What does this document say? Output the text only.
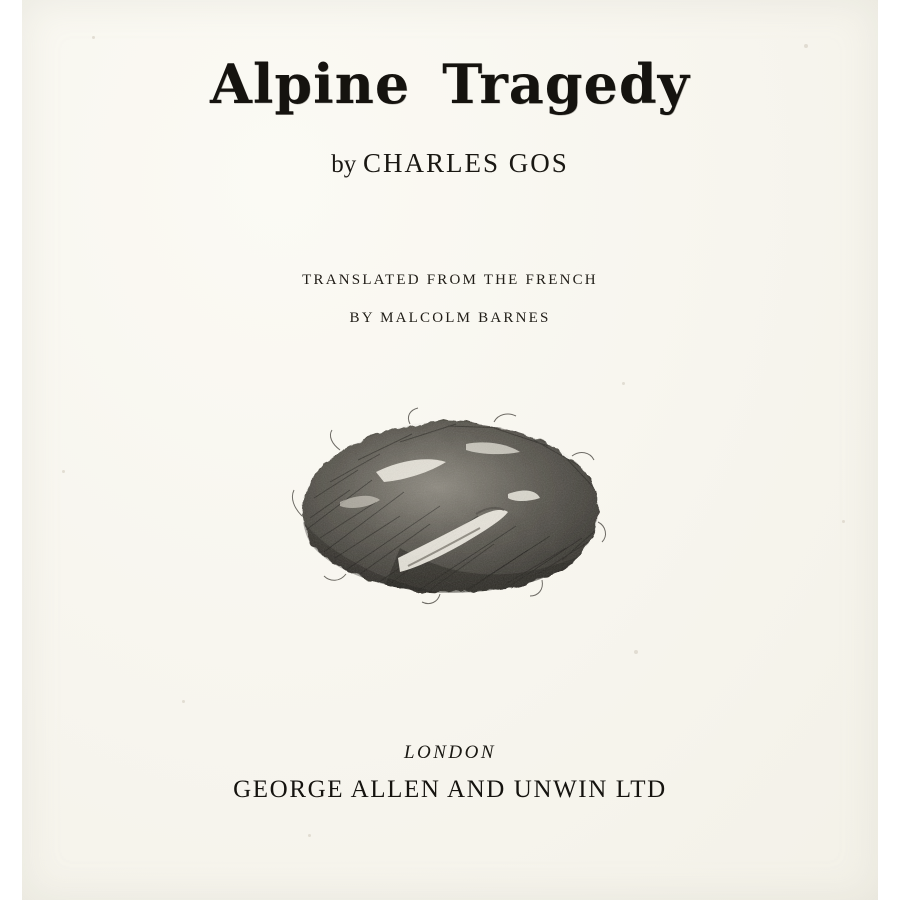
Alpine Tragedy
by CHARLES GOS
TRANSLATED FROM THE FRENCH
BY MALCOLM BARNES
LONDON
GEORGE ALLEN AND UNWIN LTD
